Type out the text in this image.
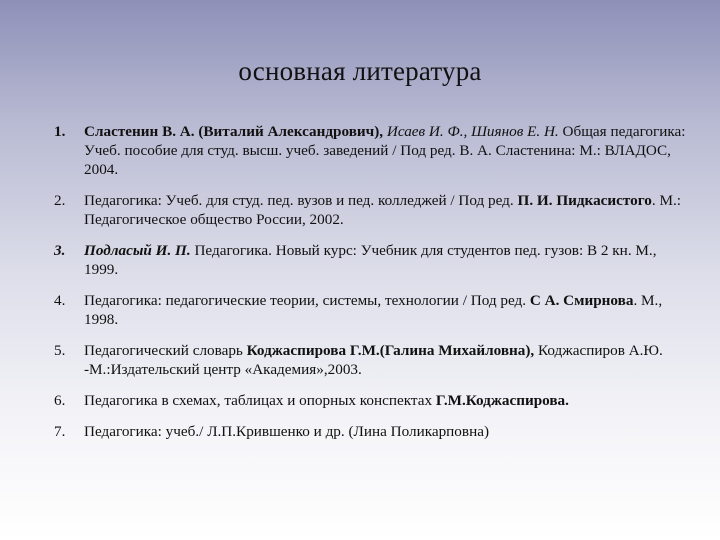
основная литература
1. Сластенин В. А. (Виталий Александрович), Исаев И. Ф., Шиянов Е. Н. Общая педагогика: Учеб. пособие для студ. высш. учеб. заведений / Под ред. В. А. Сластенина: М.: ВЛАДОС, 2004.
2. Педагогика: Учеб. для студ. пед. вузов и пед. колледжей / Под ред. П. И. Пидкасистого. М.: Педагогическое общество России, 2002.
3. Подласый И. П. Педагогика. Новый курс: Учебник для студентов пед. гузов: В 2 кн. М., 1999.
4. Педагогика: педагогические теории, системы, технологии / Под ред. С А. Смирнова. М., 1998.
5. Педагогический словарь Коджаспирова Г.М.(Галина Михайловна), Коджаспиров А.Ю. -М.:Издательский центр «Академия»,2003.
6. Педагогика в схемах, таблицах и опорных конспектах Г.М.Коджаспирова.
7. Педагогика: учеб./ Л.П.Крившенко и др. (Лина Поликарповна)
